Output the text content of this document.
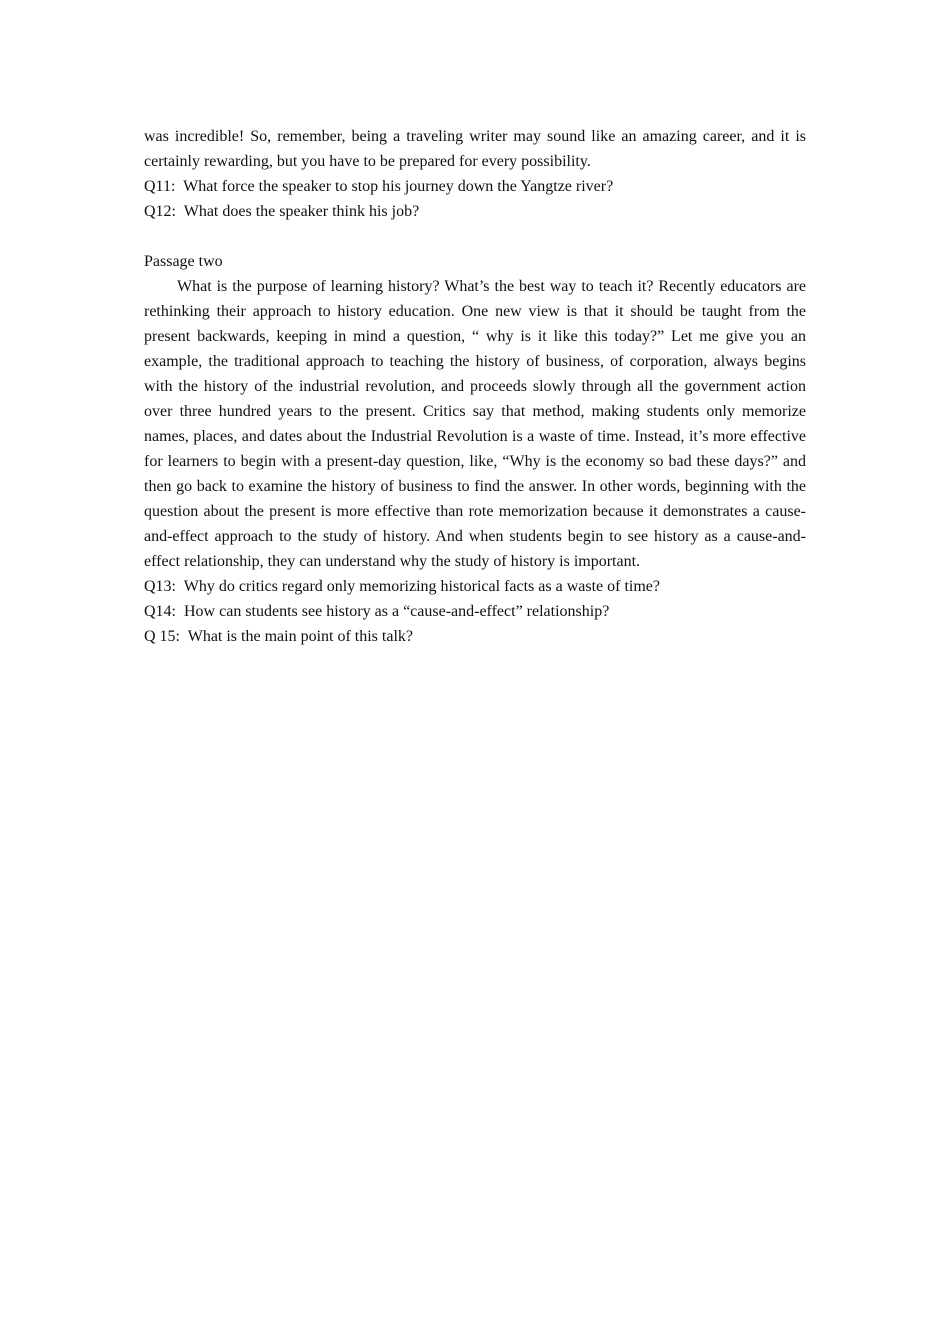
was incredible! So, remember, being a traveling writer may sound like an amazing career, and it is certainly rewarding, but you have to be prepared for every possibility.

Q11:  What force the speaker to stop his journey down the Yangtze river?

Q12:  What does the speaker think his job?

Passage two

What is the purpose of learning history? What’s the best way to teach it? Recently educators are rethinking their approach to history education. One new view is that it should be taught from the present backwards, keeping in mind a question, “ why is it like this today?” Let me give you an example, the traditional approach to teaching the history of business, of corporation, always begins with the history of the industrial revolution, and proceeds slowly through all the government action over three hundred years to the present. Critics say that method, making students only memorize names, places, and dates about the Industrial Revolution is a waste of time. Instead, it’s more effective for learners to begin with a present-day question, like, “Why is the economy so bad these days?” and then go back to examine the history of business to find the answer. In other words, beginning with the question about the present is more effective than rote memorization because it demonstrates a cause-and-effect approach to the study of history. And when students begin to see history as a cause-and-effect relationship, they can understand why the study of history is important.

Q13:  Why do critics regard only memorizing historical facts as a waste of time?

Q14:  How can students see history as a “cause-and-effect” relationship?

Q 15:  What is the main point of this talk?
